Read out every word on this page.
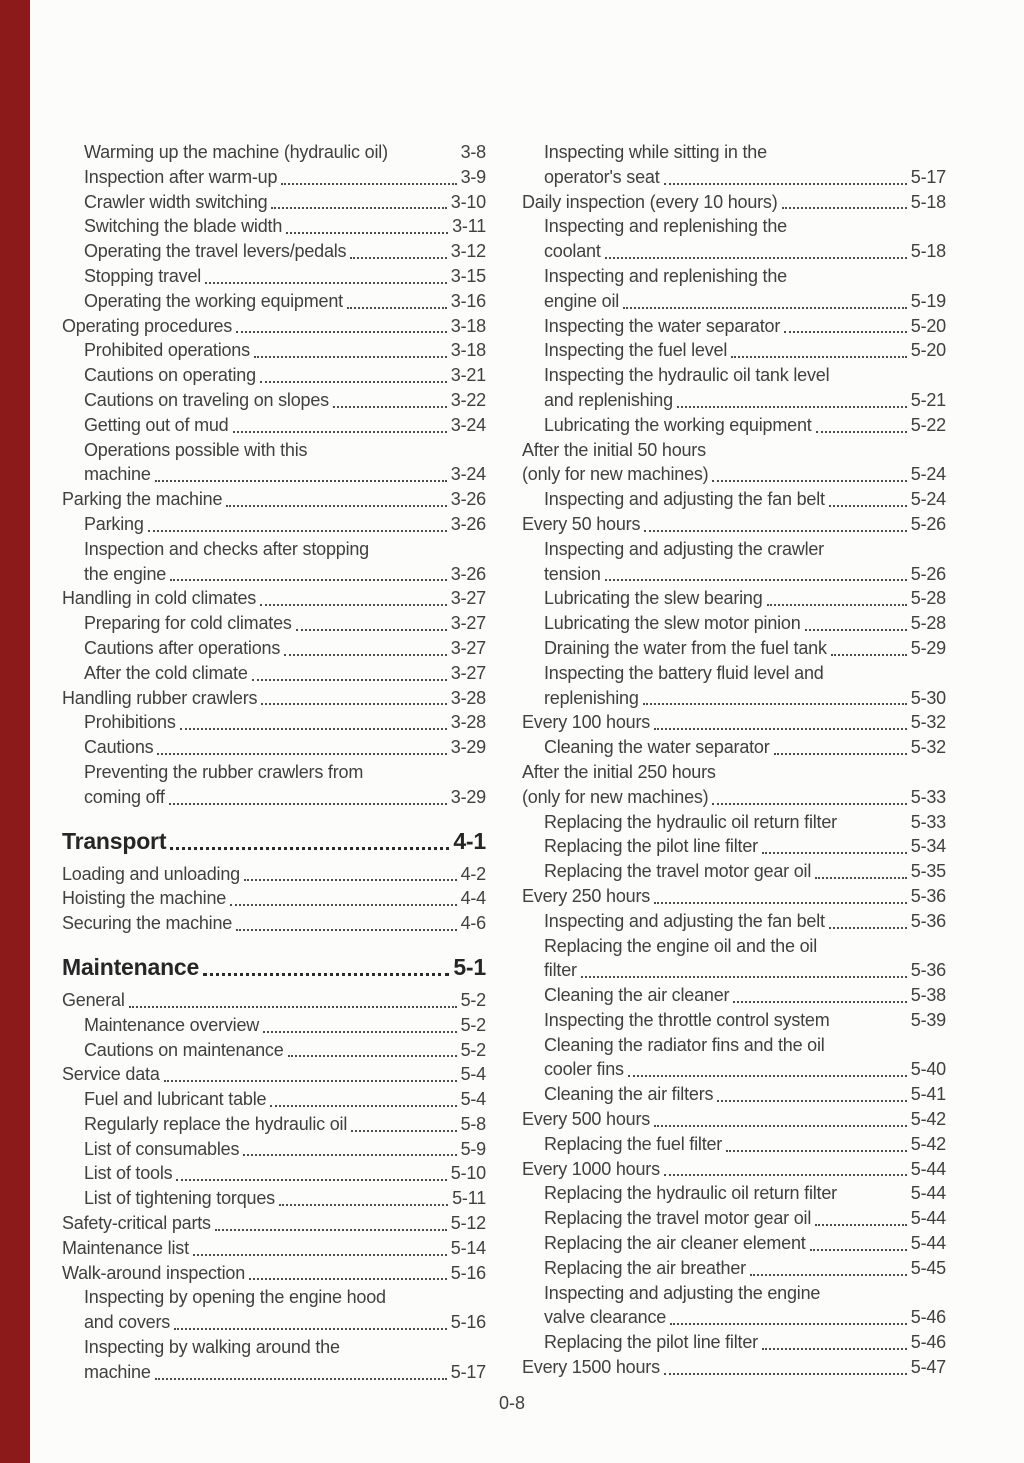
Warming up the machine (hydraulic oil)	3-8
Inspection after warm-up	3-9
Crawler width switching	3-10
Switching the blade width	3-11
Operating the travel levers/pedals	3-12
Stopping travel	3-15
Operating the working equipment	3-16
Operating procedures	3-18
Prohibited operations	3-18
Cautions on operating	3-21
Cautions on traveling on slopes	3-22
Getting out of mud	3-24
Operations possible with this
machine	3-24
Parking the machine	3-26
Parking	3-26
Inspection and checks after stopping
the engine	3-26
Handling in cold climates	3-27
Preparing for cold climates	3-27
Cautions after operations	3-27
After the cold climate	3-27
Handling rubber crawlers	3-28
Prohibitions	3-28
Cautions	3-29
Preventing the rubber crawlers from
coming off	3-29
Transport	4-1
Loading and unloading	4-2
Hoisting the machine	4-4
Securing the machine	4-6
Maintenance	5-1
General	5-2
Maintenance overview	5-2
Cautions on maintenance	5-2
Service data	5-4
Fuel and lubricant table	5-4
Regularly replace the hydraulic oil	5-8
List of consumables	5-9
List of tools	5-10
List of tightening torques	5-11
Safety-critical parts	5-12
Maintenance list	5-14
Walk-around inspection	5-16
Inspecting by opening the engine hood
and covers	5-16
Inspecting by walking around the
machine	5-17
Inspecting while sitting in the
operator's seat	5-17
Daily inspection (every 10 hours)	5-18
Inspecting and replenishing the
coolant	5-18
Inspecting and replenishing the
engine oil	5-19
Inspecting the water separator	5-20
Inspecting the fuel level	5-20
Inspecting the hydraulic oil tank level
and replenishing	5-21
Lubricating the working equipment	5-22
After the initial 50 hours
(only for new machines)	5-24
Inspecting and adjusting the fan belt	5-24
Every 50 hours	5-26
Inspecting and adjusting the crawler
tension	5-26
Lubricating the slew bearing	5-28
Lubricating the slew motor pinion	5-28
Draining the water from the fuel tank	5-29
Inspecting the battery fluid level and
replenishing	5-30
Every 100 hours	5-32
Cleaning the water separator	5-32
After the initial 250 hours
(only for new machines)	5-33
Replacing the hydraulic oil return filter	5-33
Replacing the pilot line filter	5-34
Replacing the travel motor gear oil	5-35
Every 250 hours	5-36
Inspecting and adjusting the fan belt	5-36
Replacing the engine oil and the oil
filter	5-36
Cleaning the air cleaner	5-38
Inspecting the throttle control system	5-39
Cleaning the radiator fins and the oil
cooler fins	5-40
Cleaning the air filters	5-41
Every 500 hours	5-42
Replacing the fuel filter	5-42
Every 1000 hours	5-44
Replacing the hydraulic oil return filter	5-44
Replacing the travel motor gear oil	5-44
Replacing the air cleaner element	5-44
Replacing the air breather	5-45
Inspecting and adjusting the engine
valve clearance	5-46
Replacing the pilot line filter	5-46
Every 1500 hours	5-47
0-8
